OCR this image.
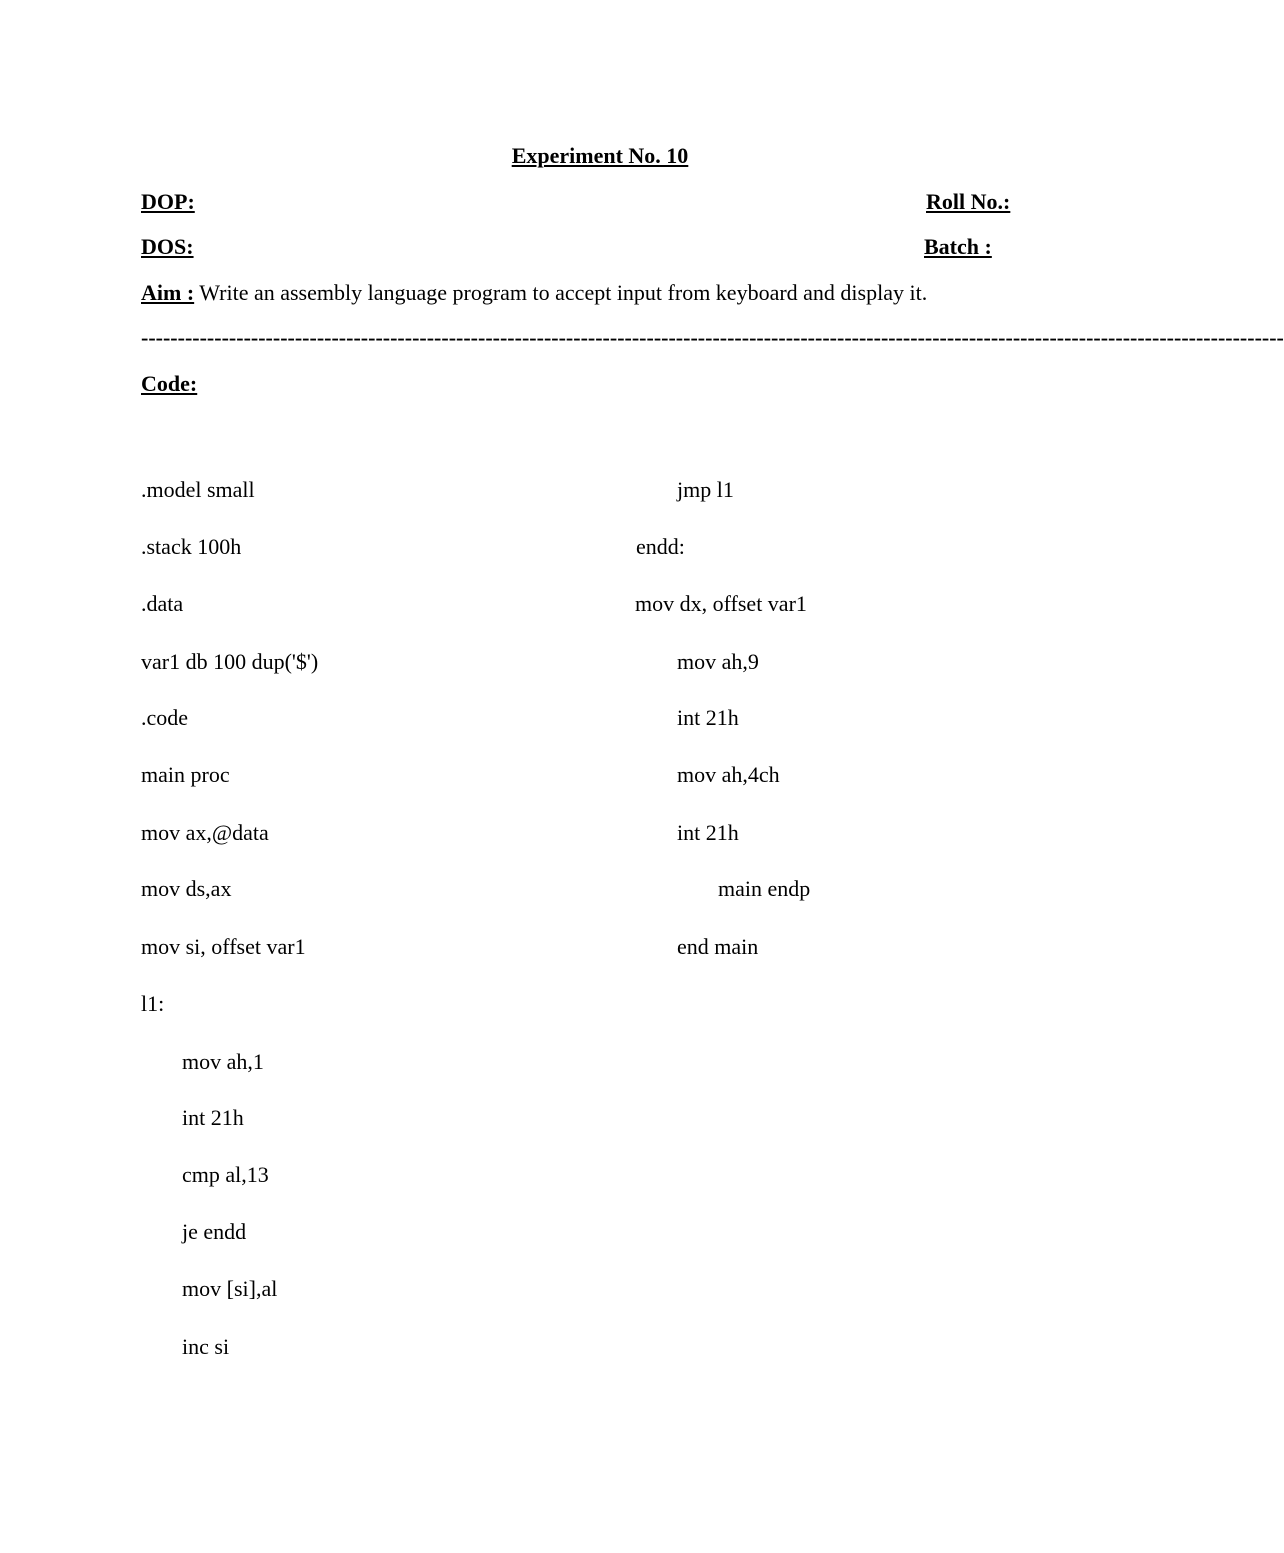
Experiment No. 10
DOP:	Roll No.:
DOS:	Batch :
Aim : Write an assembly language program to accept input from keyboard and display it.
------------------------------------------------------------------------------------------------------------------------------------------------------------
Code:
.model small
.stack 100h
.data
var1 db 100 dup('$')
.code
main proc
mov ax,@data
mov ds,ax
mov si, offset var1
l1:
mov ah,1
int 21h
cmp al,13
je endd
mov [si],al
inc si
jmp l1
endd:
mov dx, offset var1
mov ah,9
int 21h
mov ah,4ch
int 21h
main endp
end main
